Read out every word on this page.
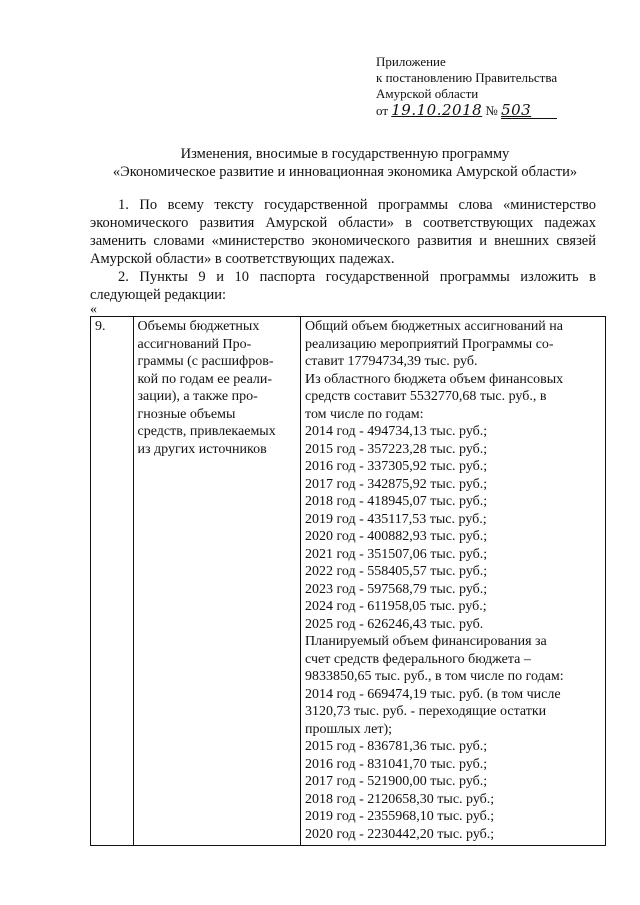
Приложение
к постановлению Правительства
Амурской области
от 19.10.2018 № 503
Изменения, вносимые в государственную программу
«Экономическое развитие и инновационная экономика Амурской области»
1. По всему тексту государственной программы слова «министерство экономического развития Амурской области» в соответствующих падежах заменить словами «министерство экономического развития и внешних связей Амурской области» в соответствующих падежах.
2. Пункты 9 и 10 паспорта государственной программы изложить в следующей редакции:
«
9.	Объемы бюджетных
ассигнований Про-
граммы (с расшифров-
кой по годам ее реали-
зации), а также про-
гнозные объемы
средств, привлекаемых
из других источников

Общий объем бюджетных ассигнований на
реализацию мероприятий Программы со-
ставит 17794734,39 тыс. руб.
Из областного бюджета объем финансовых
средств составит 5532770,68 тыс. руб., в
том числе по годам:
2014 год - 494734,13 тыс. руб.;
2015 год - 357223,28 тыс. руб.;
2016 год - 337305,92 тыс. руб.;
2017 год - 342875,92 тыс. руб.;
2018 год - 418945,07 тыс. руб.;
2019 год - 435117,53 тыс. руб.;
2020 год - 400882,93 тыс. руб.;
2021 год - 351507,06 тыс. руб.;
2022 год - 558405,57 тыс. руб.;
2023 год - 597568,79 тыс. руб.;
2024 год - 611958,05 тыс. руб.;
2025 год - 626246,43 тыс. руб.
Планируемый объем финансирования за
счет средств федерального бюджета –
9833850,65 тыс. руб., в том числе по годам:
2014 год - 669474,19 тыс. руб. (в том числе
3120,73 тыс. руб. - переходящие остатки
прошлых лет);
2015 год - 836781,36 тыс. руб.;
2016 год - 831041,70 тыс. руб.;
2017 год - 521900,00 тыс. руб.;
2018 год - 2120658,30 тыс. руб.;
2019 год - 2355968,10 тыс. руб.;
2020 год - 2230442,20 тыс. руб.;
